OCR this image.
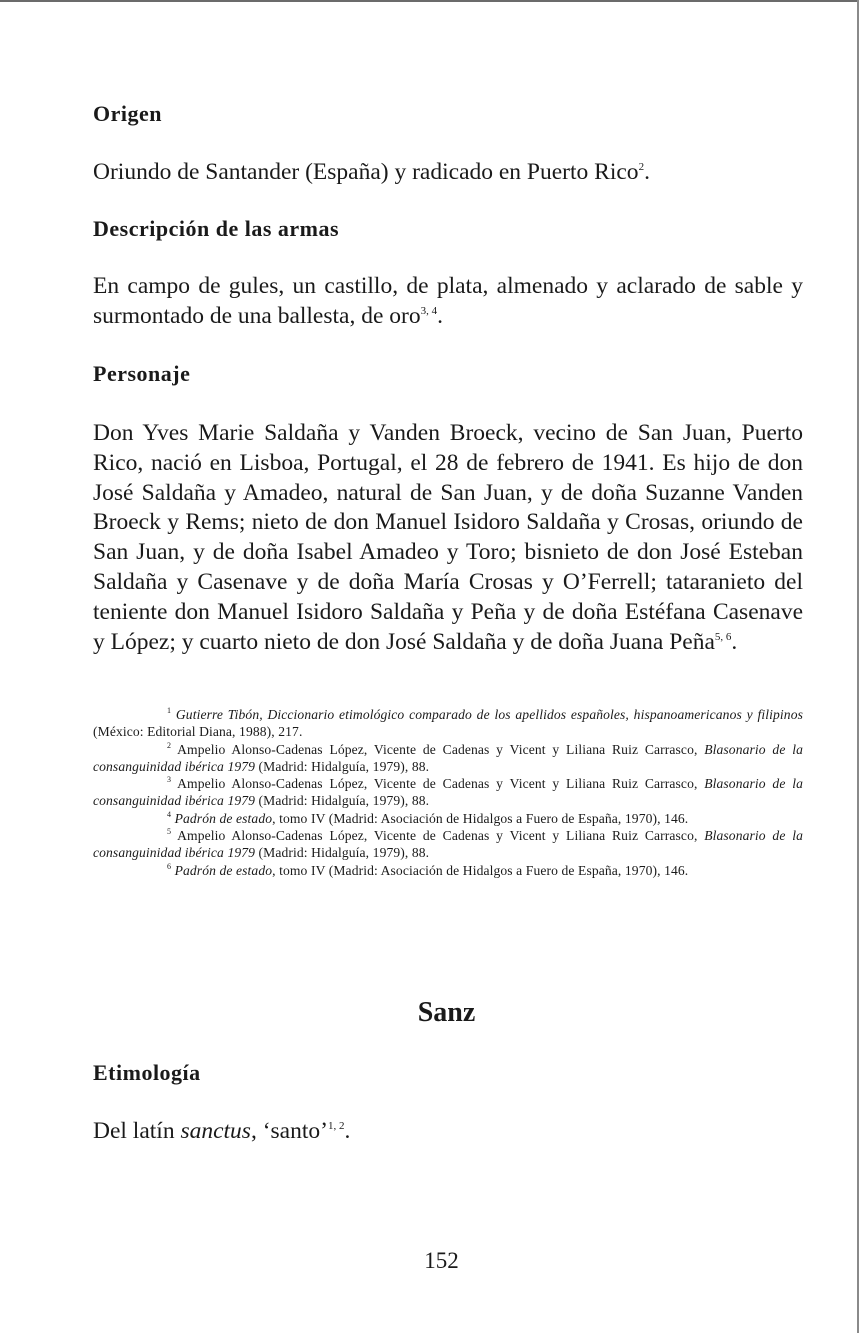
Origen

Oriundo de Santander (España) y radicado en Puerto Rico$^2$.

Descripción de las armas

En campo de gules, un castillo, de plata, almenado y aclarado de sable y surmontado de una ballesta, de oro$^{3, 4}$.

Personaje

Don Yves Marie Saldaña y Vanden Broeck, vecino de San Juan, Puerto Rico, nació en Lisboa, Portugal, el 28 de febrero de 1941. Es hijo de don José Saldaña y Amadeo, natural de San Juan, y de doña Suzanne Vanden Broeck y Rems; nieto de don Manuel Isidoro Saldaña y Crosas, oriundo de San Juan, y de doña Isabel Amadeo y Toro; bisnieto de don José Esteban Saldaña y Casenave y de doña María Crosas y O’Ferrell; tataranieto del teniente don Manuel Isidoro Saldaña y Peña y de doña Estéfana Casenave y López; y cuarto nieto de don José Saldaña y de doña Juana Peña$^{5, 6}$.

$^1$ Gutierre Tibón, Diccionario etimológico comparado de los apellidos españoles, hispanoamericanos y filipinos (México: Editorial Diana, 1988), 217.

$^2$ Ampelio Alonso-Cadenas López, Vicente de Cadenas y Vicent y Liliana Ruiz Carrasco, Blasonario de la consanguinidad ibérica 1979 (Madrid: Hidalguía, 1979), 88.

$^3$ Ampelio Alonso-Cadenas López, Vicente de Cadenas y Vicent y Liliana Ruiz Carrasco, Blasonario de la consanguinidad ibérica 1979 (Madrid: Hidalguía, 1979), 88.

$^4$ Padrón de estado, tomo IV (Madrid: Asociación de Hidalgos a Fuero de España, 1970), 146.

$^5$ Ampelio Alonso-Cadenas López, Vicente de Cadenas y Vicent y Liliana Ruiz Carrasco, Blasonario de la consanguinidad ibérica 1979 (Madrid: Hidalguía, 1979), 88.

$^6$ Padrón de estado, tomo IV (Madrid: Asociación de Hidalgos a Fuero de España, 1970), 146.

Sanz
Etimología

Del latín sanctus, ‘santo’$^{1, 2}$.

152
